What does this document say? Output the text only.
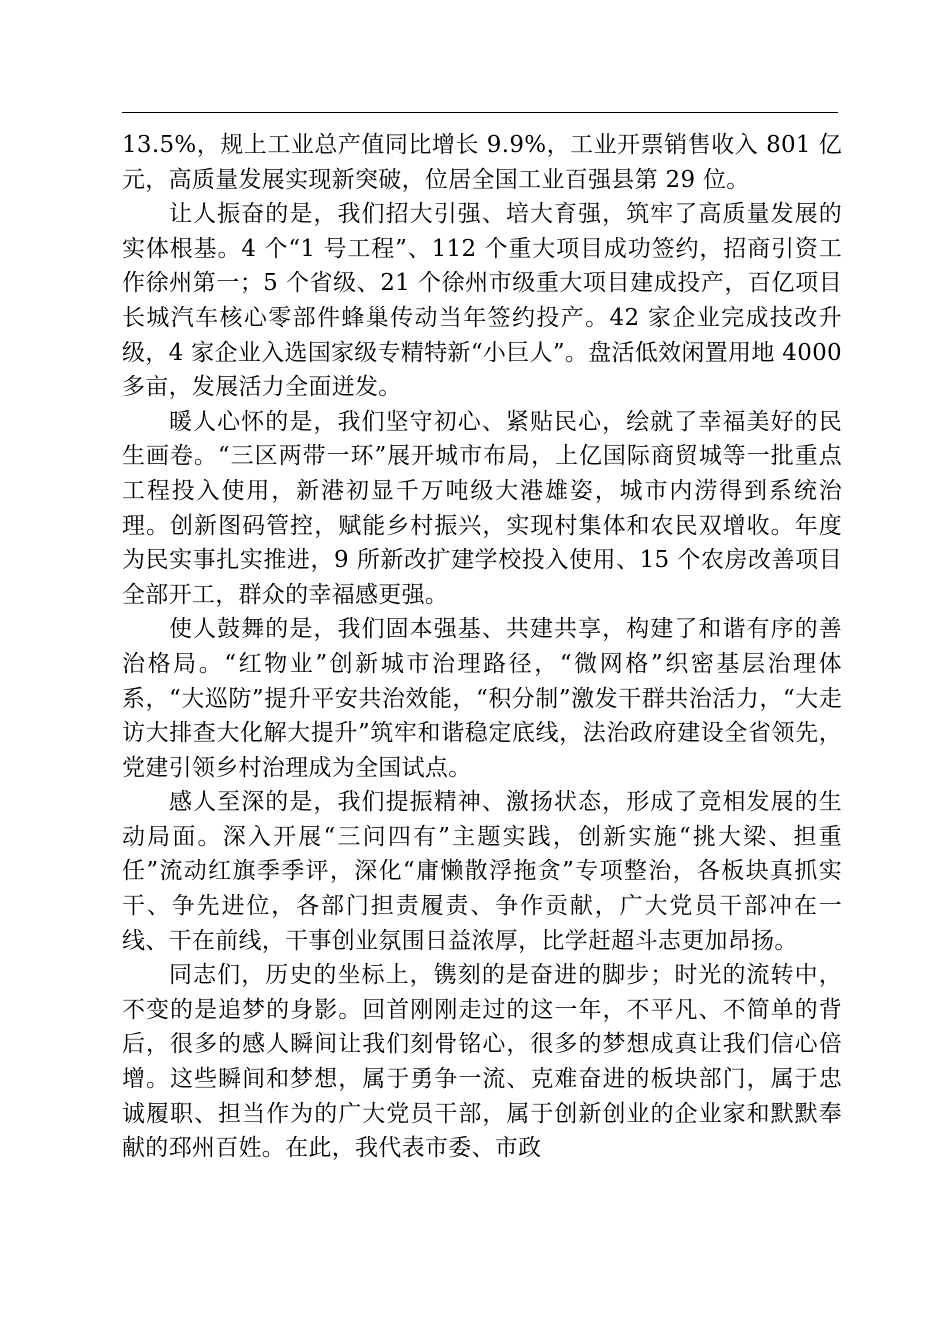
13.5%，规上工业总产值同比增长 9.9%，工业开票销售收入 801 亿元，高质量发展实现新突破，位居全国工业百强县第 29 位。

让人振奋的是，我们招大引强、培大育强，筑牢了高质量发展的实体根基。4 个“1 号工程”、112 个重大项目成功签约，招商引资工作徐州第一；5 个省级、21 个徐州市级重大项目建成投产，百亿项目长城汽车核心零部件蜂巢传动当年签约投产。42 家企业完成技改升级，4 家企业入选国家级专精特新“小巨人”。盘活低效闲置用地 4000 多亩，发展活力全面迸发。

暖人心怀的是，我们坚守初心、紧贴民心，绘就了幸福美好的民生画卷。“三区两带一环”展开城市布局，上亿国际商贸城等一批重点工程投入使用，新港初显千万吨级大港雄姿，城市内涝得到系统治理。创新图码管控，赋能乡村振兴，实现村集体和农民双增收。年度为民实事扎实推进，9 所新改扩建学校投入使用、15 个农房改善项目全部开工，群众的幸福感更强。

使人鼓舞的是，我们固本强基、共建共享，构建了和谐有序的善治格局。“红物业”创新城市治理路径，“微网格”织密基层治理体系，“大巡防”提升平安共治效能，“积分制”激发干群共治活力，“大走访大排查大化解大提升”筑牢和谐稳定底线，法治政府建设全省领先，党建引领乡村治理成为全国试点。

感人至深的是，我们提振精神、激扬状态，形成了竞相发展的生动局面。深入开展“三问四有”主题实践，创新实施“挑大梁、担重任”流动红旗季季评，深化“庸懒散浮拖贪”专项整治，各板块真抓实干、争先进位，各部门担责履责、争作贡献，广大党员干部冲在一线、干在前线，干事创业氛围日益浓厚，比学赶超斗志更加昂扬。

同志们，历史的坐标上，镌刻的是奋进的脚步；时光的流转中，不变的是追梦的身影。回首刚刚走过的这一年，不平凡、不简单的背后，很多的感人瞬间让我们刻骨铭心，很多的梦想成真让我们信心倍增。这些瞬间和梦想，属于勇争一流、克难奋进的板块部门，属于忠诚履职、担当作为的广大党员干部，属于创新创业的企业家和默默奉献的邳州百姓。在此，我代表市委、市政
